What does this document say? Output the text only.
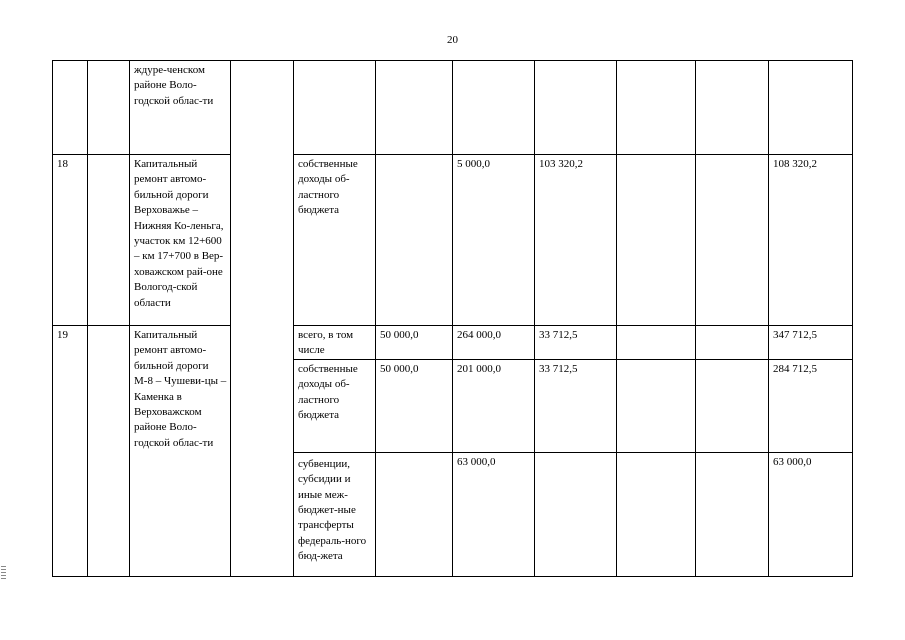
20
		ждуре-ченском районе Воло-годской облас-ти								
18		Капитальный ремонт автомо-бильной дороги Верховажье – Нижняя Ко-леньга, участок км 12+600 – км 17+700 в Вер-ховажском рай-оне Вологод-ской области		собственные доходы об-ластного бюджета		5 000,0	103 320,2			108 320,2
19		Капитальный ремонт автомо-бильной дороги М-8 – Чушеви-цы – Каменка в Верховажском районе Воло-годской облас-ти		всего, в том числе	50 000,0	264 000,0	33 712,5			347 712,5
				собственные доходы об-ластного бюджета	50 000,0	201 000,0	33 712,5			284 712,5
				субвенции, субсидии и иные меж-бюджет-ные трансферты федераль-ного бюд-жета		63 000,0				63 000,0
